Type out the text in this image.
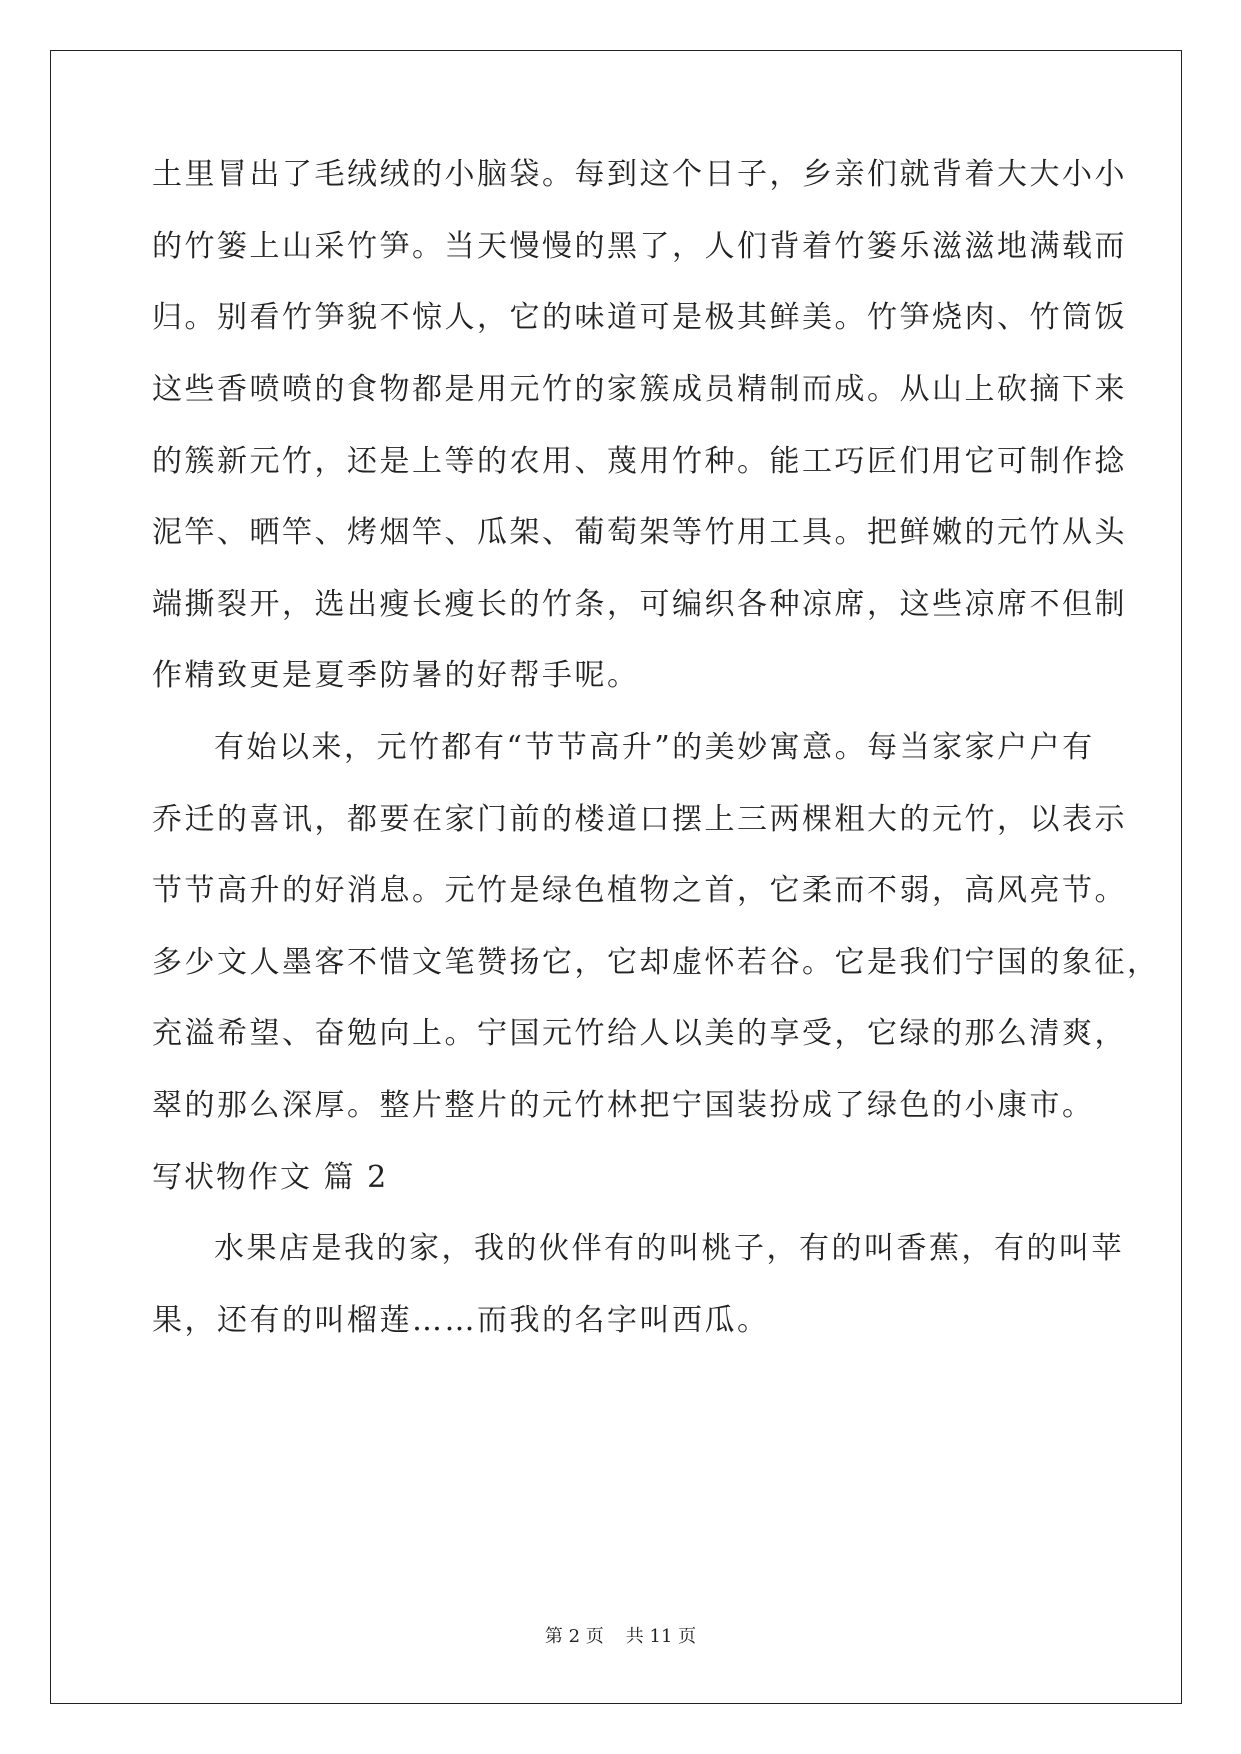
土里冒出了毛绒绒的小脑袋。每到这个日子，乡亲们就背着大大小小
的竹篓上山采竹笋。当天慢慢的黑了，人们背着竹篓乐滋滋地满载而
归。别看竹笋貌不惊人，它的味道可是极其鲜美。竹笋烧肉、竹筒饭
这些香喷喷的食物都是用元竹的家簇成员精制而成。从山上砍摘下来
的簇新元竹，还是上等的农用、蔑用竹种。能工巧匠们用它可制作捻
泥竿、晒竿、烤烟竿、瓜架、葡萄架等竹用工具。把鲜嫩的元竹从头
端撕裂开，选出瘦长瘦长的竹条，可编织各种凉席，这些凉席不但制
作精致更是夏季防暑的好帮手呢。
有始以来，元竹都有“节节高升”的美妙寓意。每当家家户户有
乔迁的喜讯，都要在家门前的楼道口摆上三两棵粗大的元竹，以表示
节节高升的好消息。元竹是绿色植物之首，它柔而不弱，高风亮节。
多少文人墨客不惜文笔赞扬它，它却虚怀若谷。它是我们宁国的象征，
充溢希望、奋勉向上。宁国元竹给人以美的享受，它绿的那么清爽，
翠的那么深厚。整片整片的元竹林把宁国装扮成了绿色的小康市。
写状物作文 篇 2
水果店是我的家，我的伙伴有的叫桃子，有的叫香蕉，有的叫苹
果，还有的叫榴莲……而我的名字叫西瓜。
第 2 页 共 11 页
